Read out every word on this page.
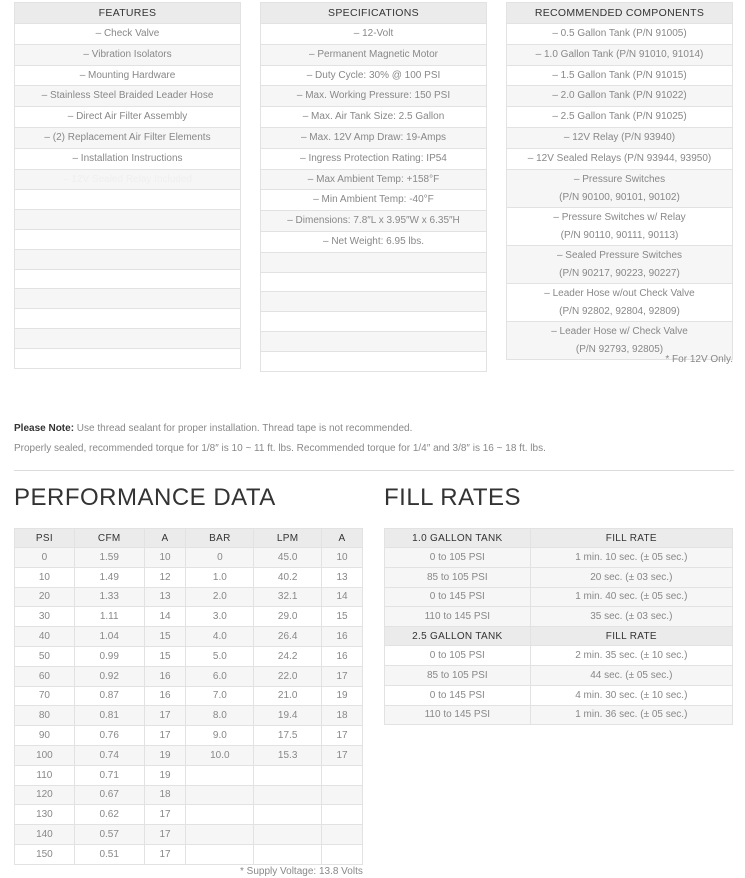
FEATURES
– Check Valve
– Vibration Isolators
– Mounting Hardware
– Stainless Steel Braided Leader Hose
– Direct Air Filter Assembly
– (2) Replacement Air Filter Elements
– Installation Instructions
– 12V Sealed Relay Included

SPECIFICATIONS
– 12-Volt
– Permanent Magnetic Motor
– Duty Cycle: 30% @ 100 PSI
– Max. Working Pressure: 150 PSI
– Max. Air Tank Size: 2.5 Gallon
– Max. 12V Amp Draw: 19-Amps
– Ingress Protection Rating: IP54
– Max Ambient Temp: +158°F
– Min Ambient Temp: -40°F
– Dimensions: 7.8″L x 3.95″W x 6.35″H
– Net Weight: 6.95 lbs.

RECOMMENDED COMPONENTS
– 0.5 Gallon Tank (P/N 91005)
– 1.0 Gallon Tank (P/N 91010, 91014)
– 1.5 Gallon Tank (P/N 91015)
– 2.0 Gallon Tank (P/N 91022)
– 2.5 Gallon Tank (P/N 91025)
– 12V Relay (P/N 93940)
– 12V Sealed Relays (P/N 93944, 93950)

– Pressure Switches
(P/N 90100, 90101, 90102)

– Pressure Switches w/ Relay
(P/N 90110, 90111, 90113)

– Sealed Pressure Switches
(P/N 90217, 90223, 90227)

– Leader Hose w/out Check Valve
(P/N 92802, 92804, 92809)

– Leader Hose w/ Check Valve
(P/N 92793, 92805)
* For 12V Only.
Please Note: Use thread sealant for proper installation. Thread tape is not recommended.
Properly sealed, recommended torque for 1/8″ is 10 ~ 11 ft. lbs. Recommended torque for 1/4″ and 3/8″ is 16 ~ 18 ft. lbs.
PERFORMANCE DATA	FILL RATES
PSI	CFM	A	BAR	LPM	A
0	1.59	10	0	45.0	10
10	1.49	12	1.0	40.2	13
20	1.33	13	2.0	32.1	14
30	1.11	14	3.0	29.0	15
40	1.04	15	4.0	26.4	16
50	0.99	15	5.0	24.2	16
60	0.92	16	6.0	22.0	17
70	0.87	16	7.0	21.0	19
80	0.81	17	8.0	19.4	18
90	0.76	17	9.0	17.5	17
100	0.74	19	10.0	15.3	17
110	0.71	19			
120	0.67	18			
130	0.62	17			
140	0.57	17			
150	0.51	17			
* Supply Voltage: 13.8 Volts
1.0 GALLON TANK	FILL RATE
0 to 105 PSI	1 min. 10 sec. (± 05 sec.)
85 to 105 PSI	20 sec. (± 03 sec.)
0 to 145 PSI	1 min. 40 sec. (± 05 sec.)
110 to 145 PSI	35 sec. (± 03 sec.)
2.5 GALLON TANK	FILL RATE
0 to 105 PSI	2 min. 35 sec. (± 10 sec.)
85 to 105 PSI	44 sec. (± 05 sec.)
0 to 145 PSI	4 min. 30 sec. (± 10 sec.)
110 to 145 PSI	1 min. 36 sec. (± 05 sec.)
